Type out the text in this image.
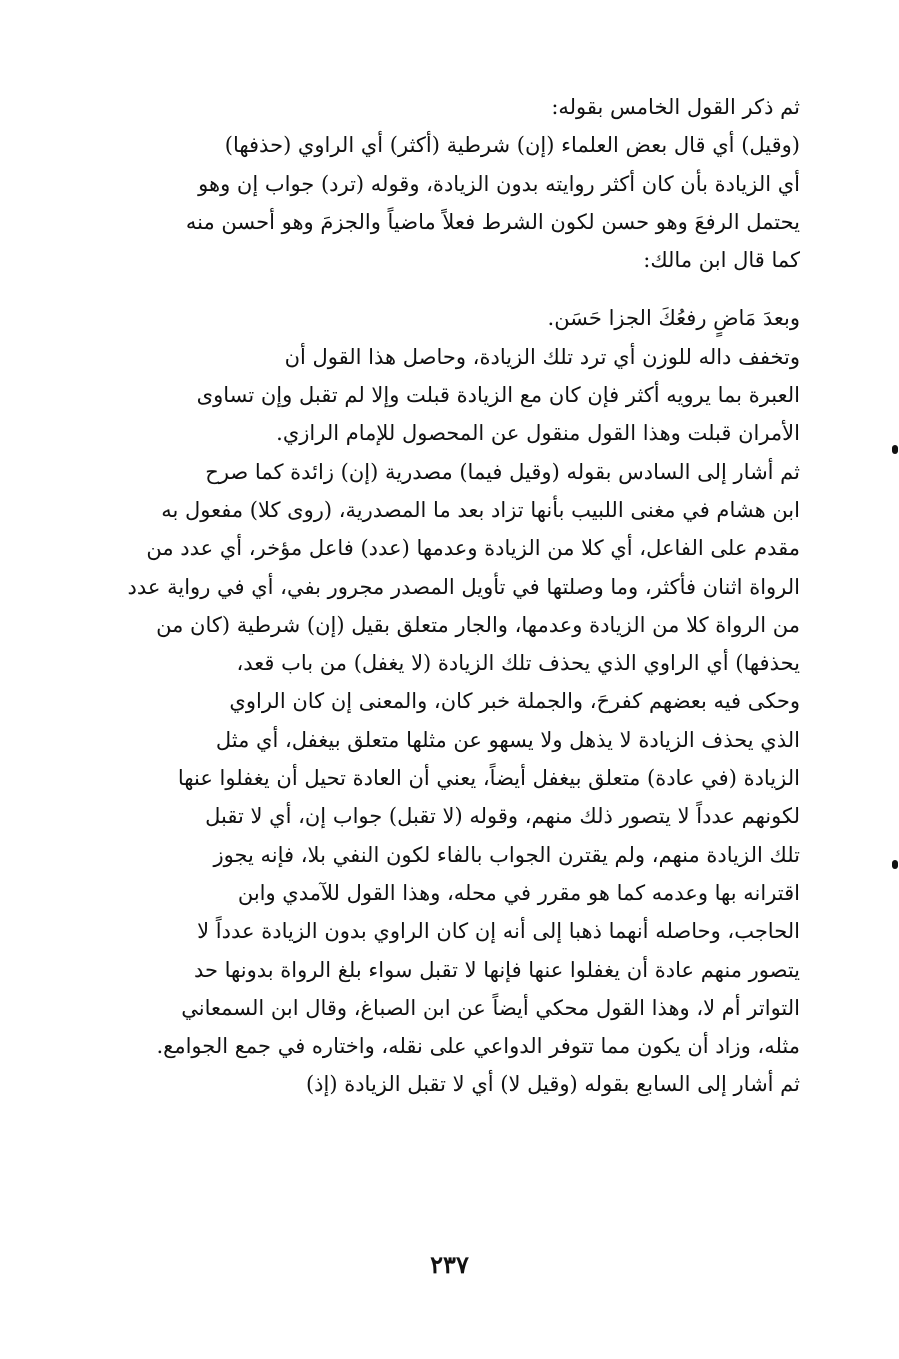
ثم ذكر القول الخامس بقوله:
(وقيل) أي قال بعض العلماء (إن) شرطية (أكثر) أي الراوي (حذفها)
أي الزيادة بأن كان أكثر روايته بدون الزيادة، وقوله (ترد) جواب إن وهو
يحتمل الرفعَ وهو حسن لكون الشرط فعلاً ماضياً والجزمَ وهو أحسن منه
كما قال ابن مالك:
وبعدَ مَاضٍ رفعُكَ الجزا حَسَن.
وتخفف داله للوزن أي ترد تلك الزيادة، وحاصل هذا القول أن
العبرة بما يرويه أكثر فإن كان مع الزيادة قبلت وإلا لم تقبل وإن تساوى
الأمران قبلت وهذا القول منقول عن المحصول للإمام الرازي.
ثم أشار إلى السادس بقوله (وقيل فيما) مصدرية (إن) زائدة كما صرح
ابن هشام في مغنى اللبيب بأنها تزاد بعد ما المصدرية، (روى كلا) مفعول به
مقدم على الفاعل، أي كلا من الزيادة وعدمها (عدد) فاعل مؤخر، أي عدد من
الرواة اثنان فأكثر، وما وصلتها في تأويل المصدر مجرور بفي، أي في رواية عدد
من الرواة كلا من الزيادة وعدمها، والجار متعلق بقيل (إن) شرطية (كان من
يحذفها) أي الراوي الذي يحذف تلك الزيادة (لا يغفل) من باب قعد،
وحكى فيه بعضهم كفرحَ، والجملة خبر كان، والمعنى إن كان الراوي
الذي يحذف الزيادة لا يذهل ولا يسهو عن مثلها متعلق بيغفل، أي مثل
الزيادة (في عادة) متعلق بيغفل أيضاً، يعني أن العادة تحيل أن يغفلوا عنها
لكونهم عدداً لا يتصور ذلك منهم، وقوله (لا تقبل) جواب إن، أي لا تقبل
تلك الزيادة منهم، ولم يقترن الجواب بالفاء لكون النفي بلا، فإنه يجوز
اقترانه بها وعدمه كما هو مقرر في محله، وهذا القول للآمدي وابن
الحاجب، وحاصله أنهما ذهبا إلى أنه إن كان الراوي بدون الزيادة عدداً لا
يتصور منهم عادة أن يغفلوا عنها فإنها لا تقبل سواء بلغ الرواة بدونها حد
التواتر أم لا، وهذا القول محكي أيضاً عن ابن الصباغ، وقال ابن السمعاني
مثله، وزاد أن يكون مما تتوفر الدواعي على نقله، واختاره في جمع الجوامع.
ثم أشار إلى السابع بقوله (وقيل لا) أي لا تقبل الزيادة (إذ)
٢٣٧
